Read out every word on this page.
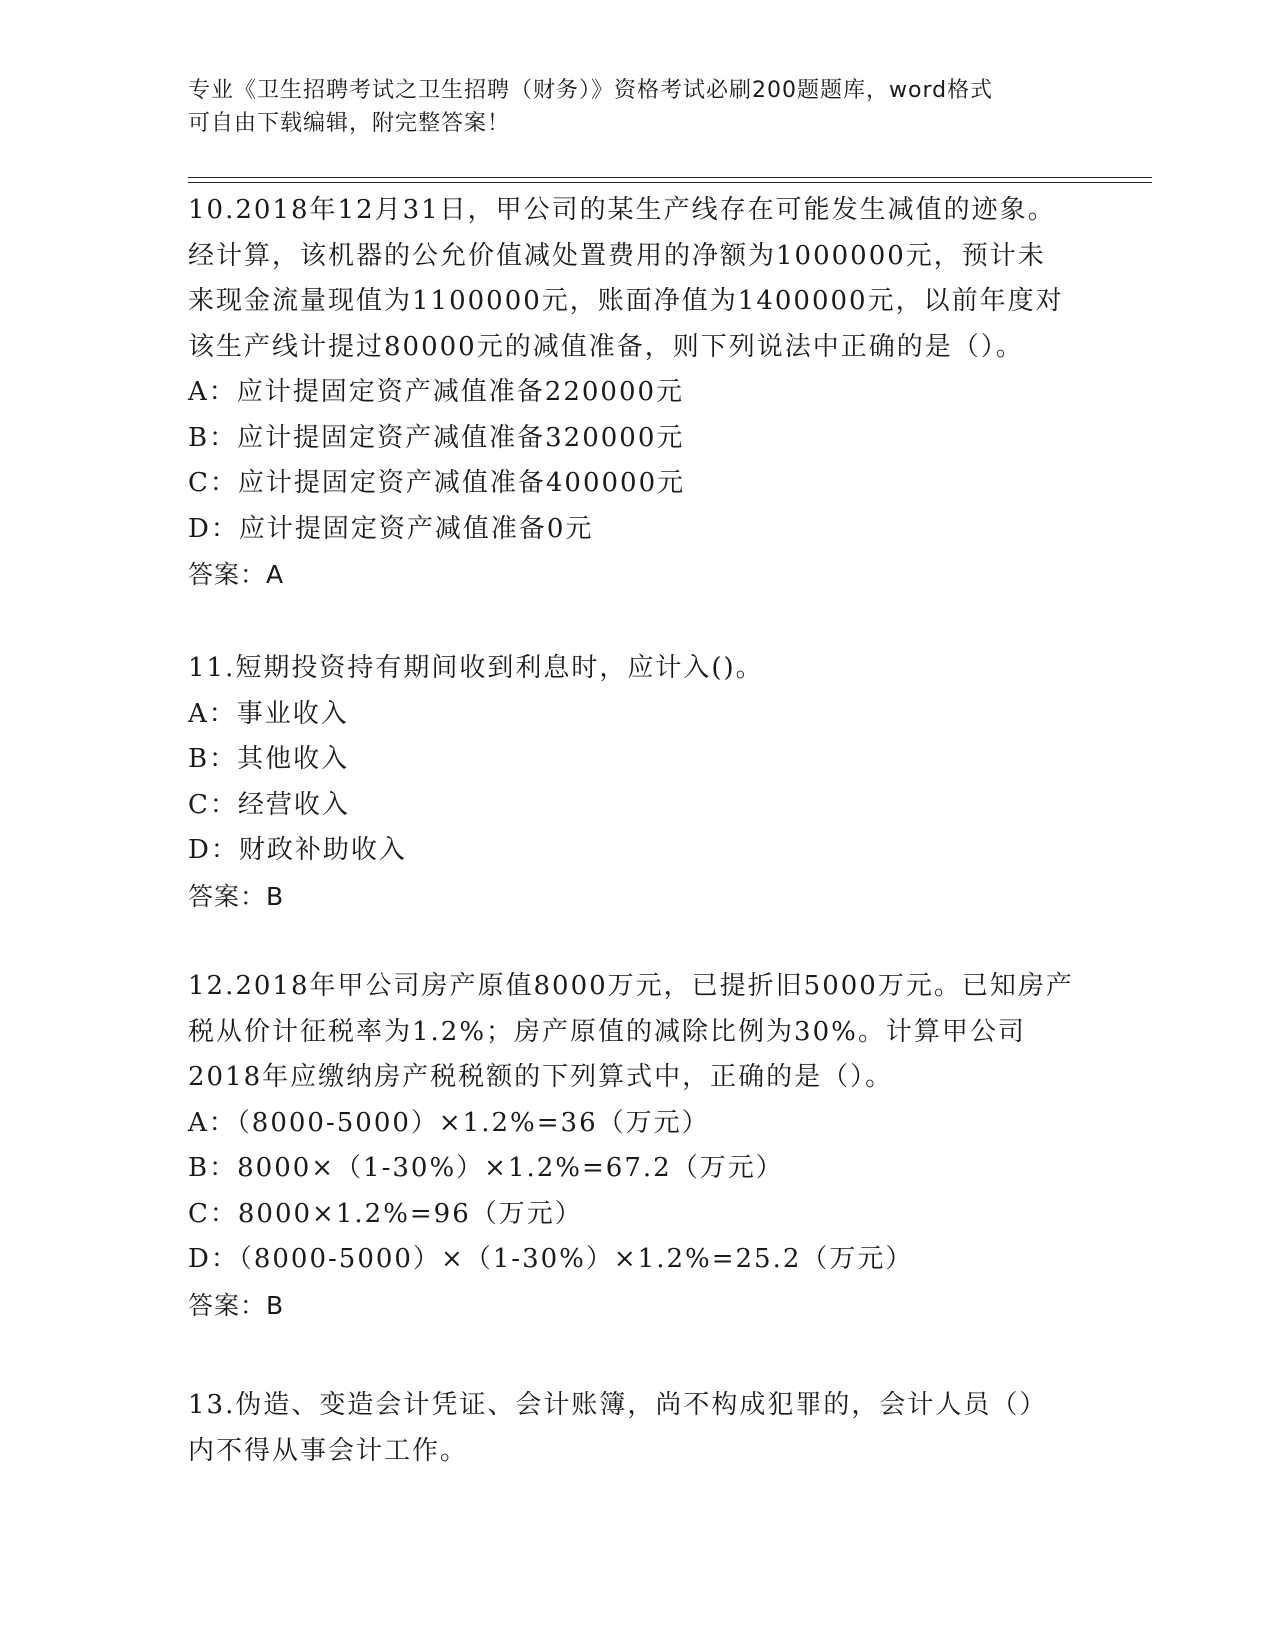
专业《卫生招聘考试之卫生招聘（财务）》资格考试必刷200题题库，word格式
可自由下载编辑，附完整答案！
10.2018年12月31日，甲公司的某生产线存在可能发生减值的迹象。
经计算，该机器的公允价值减处置费用的净额为1000000元，预计未
来现金流量现值为1100000元，账面净值为1400000元，以前年度对
该生产线计提过80000元的减值准备，则下列说法中正确的是（）。
A：应计提固定资产减值准备220000元
B：应计提固定资产减值准备320000元
C：应计提固定资产减值准备400000元
D：应计提固定资产减值准备0元
答案：A
11.短期投资持有期间收到利息时，应计入()。
A：事业收入
B：其他收入
C：经营收入
D：财政补助收入
答案：B
12.2018年甲公司房产原值8000万元，已提折旧5000万元。已知房产
税从价计征税率为1.2%；房产原值的减除比例为30%。计算甲公司
2018年应缴纳房产税税额的下列算式中，正确的是（）。
A：（8000-5000）×1.2%=36（万元）
B：8000×（1-30%）×1.2%=67.2（万元）
C：8000×1.2%=96（万元）
D：（8000-5000）×（1-30%）×1.2%=25.2（万元）
答案：B
13.伪造、变造会计凭证、会计账簿，尚不构成犯罪的，会计人员（）
内不得从事会计工作。
